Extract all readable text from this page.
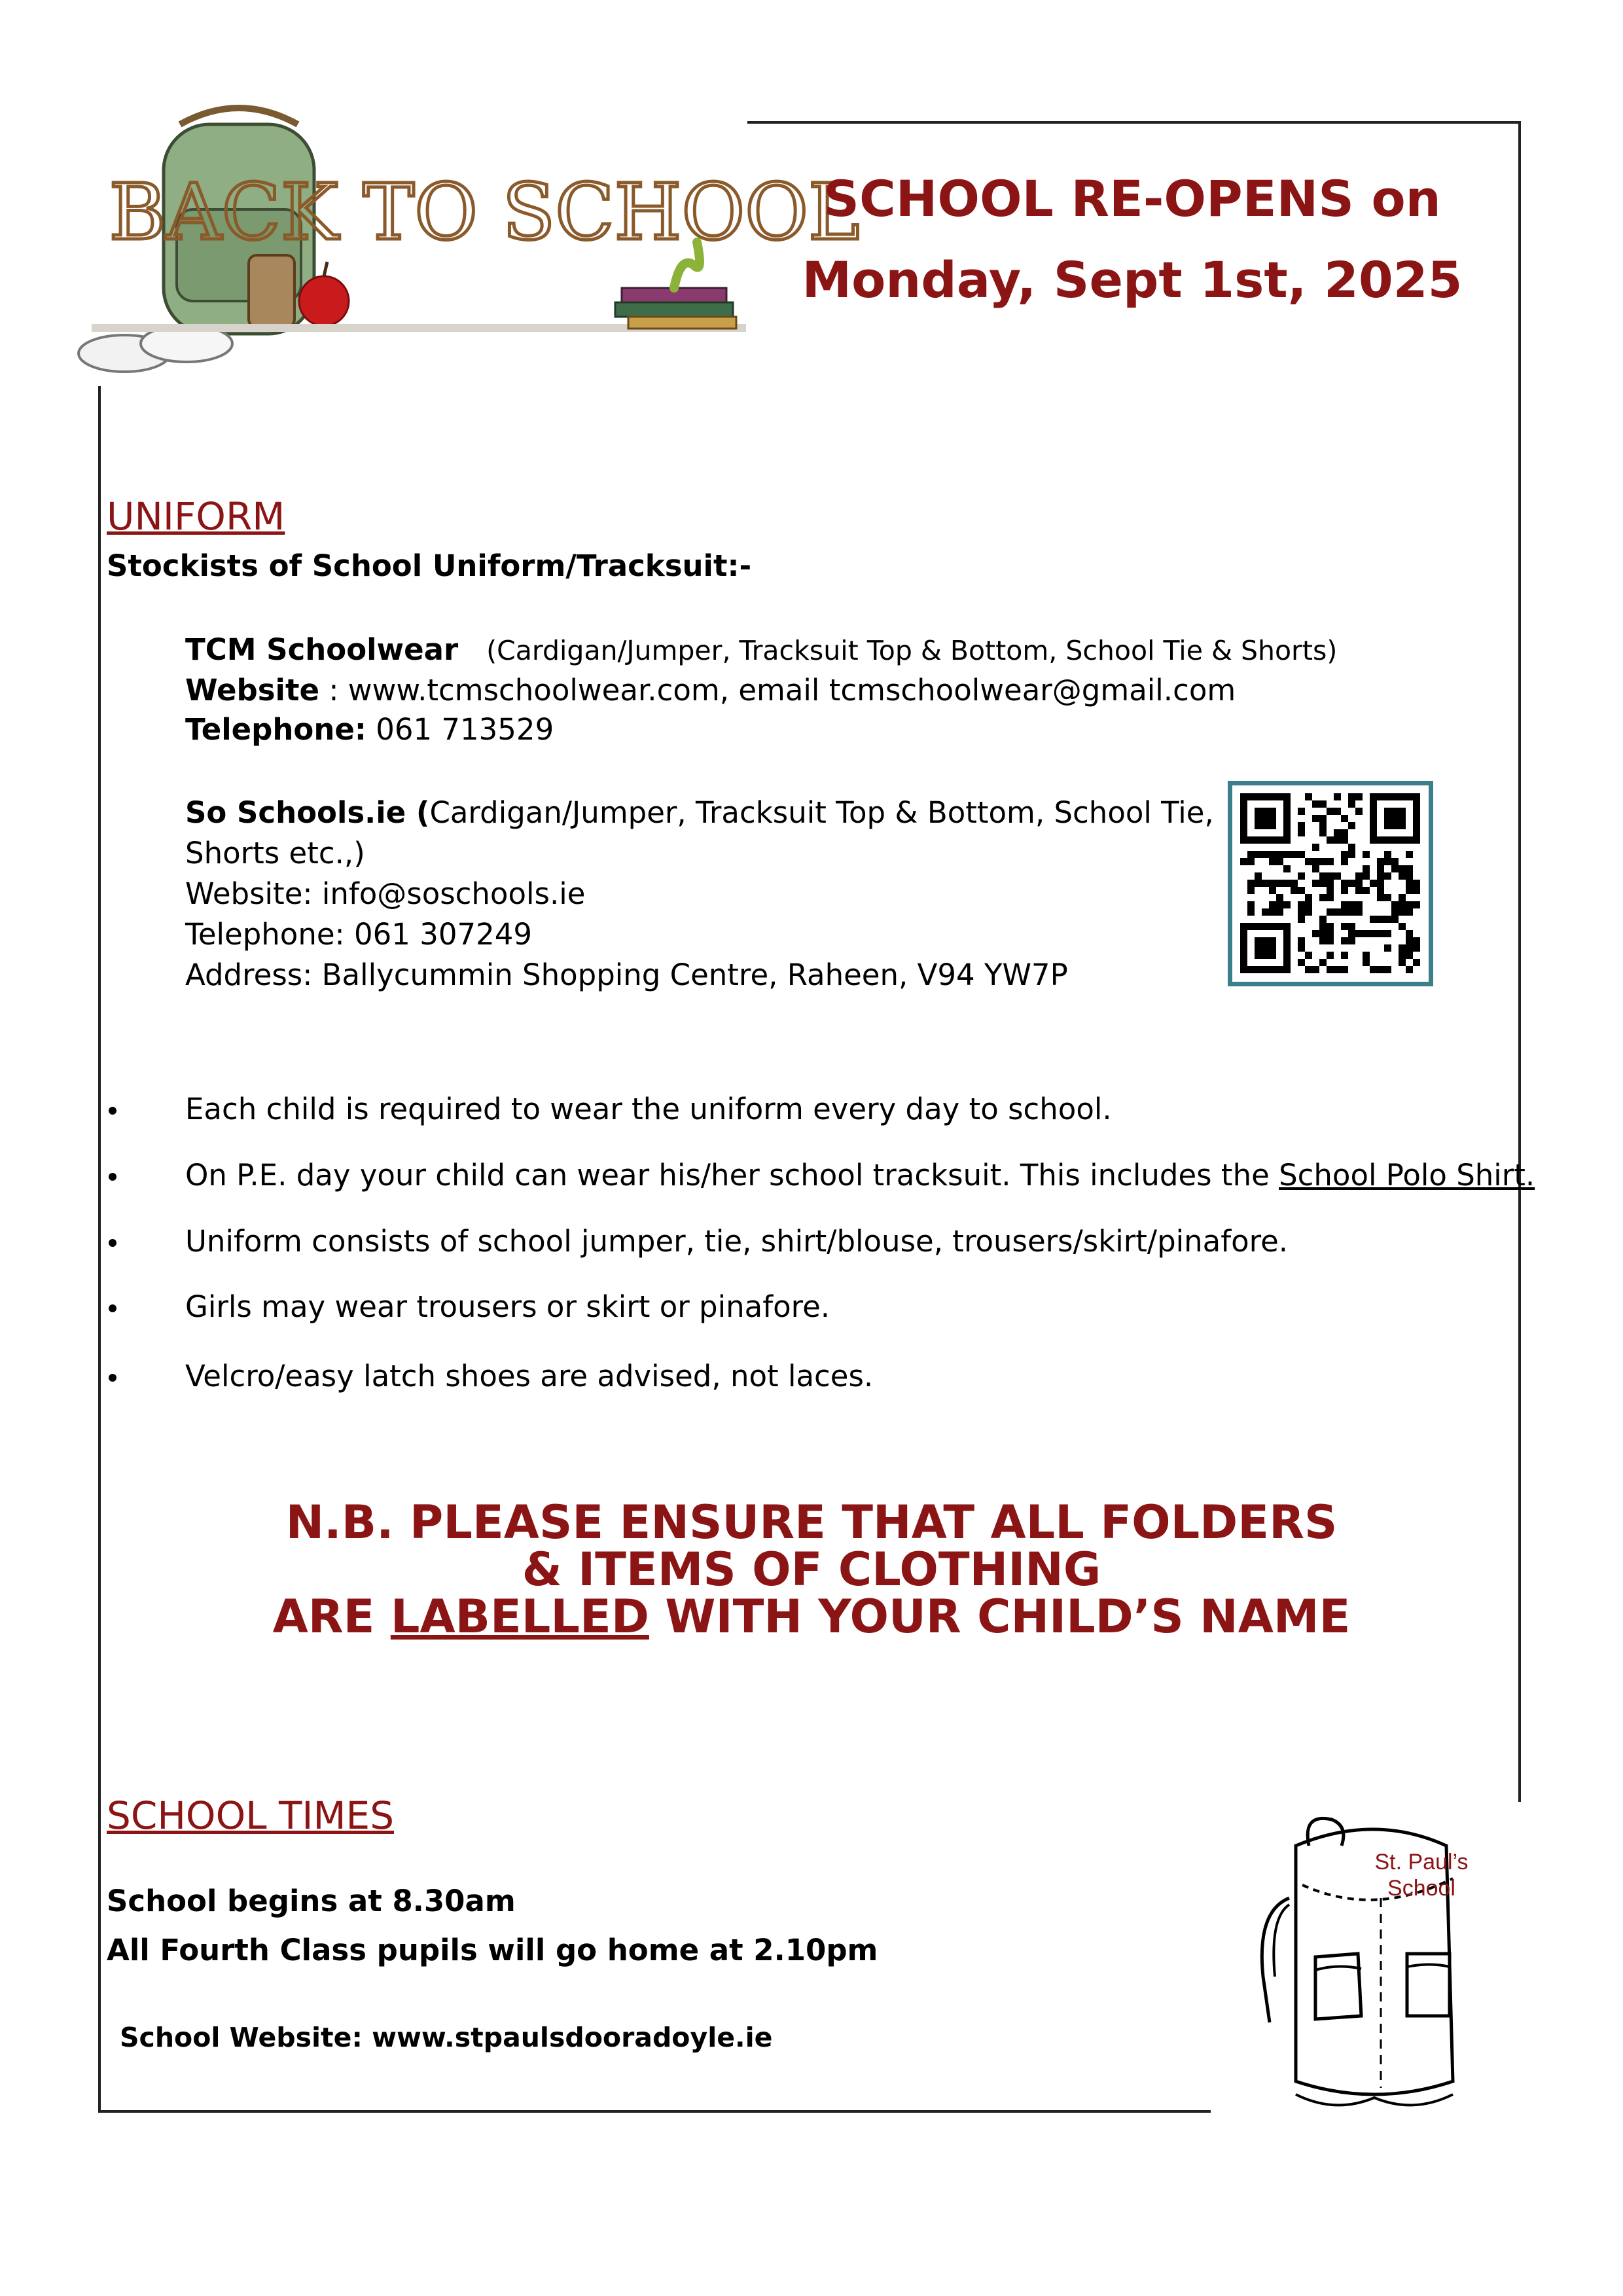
BACK TO SCHOOL
SCHOOL RE-OPENS on
Monday, Sept 1st, 2025
UNIFORM
Stockists of School Uniform/Tracksuit:-
TCM Schoolwear (Cardigan/Jumper, Tracksuit Top & Bottom, School Tie & Shorts)
Website : www.tcmschoolwear.com, email tcmschoolwear@gmail.com
Telephone: 061 713529
So Schools.ie (Cardigan/Jumper, Tracksuit Top & Bottom, School Tie,
Shorts etc.,)
Website: info@soschools.ie
Telephone: 061 307249
Address: Ballycummin Shopping Centre, Raheen, V94 YW7P
Each child is required to wear the uniform every day to school.
On P.E. day your child can wear his/her school tracksuit. This includes the School Polo Shirt.
Uniform consists of school jumper, tie, shirt/blouse, trousers/skirt/pinafore.
Girls may wear trousers or skirt or pinafore.
Velcro/easy latch shoes are advised, not laces.
N.B. PLEASE ENSURE THAT ALL FOLDERS
& ITEMS OF CLOTHING
ARE LABELLED WITH YOUR CHILD’S NAME
SCHOOL TIMES
School begins at 8.30am
All Fourth Class pupils will go home at 2.10pm
School Website: www.stpaulsdooradoyle.ie
St. Paul’s
School
